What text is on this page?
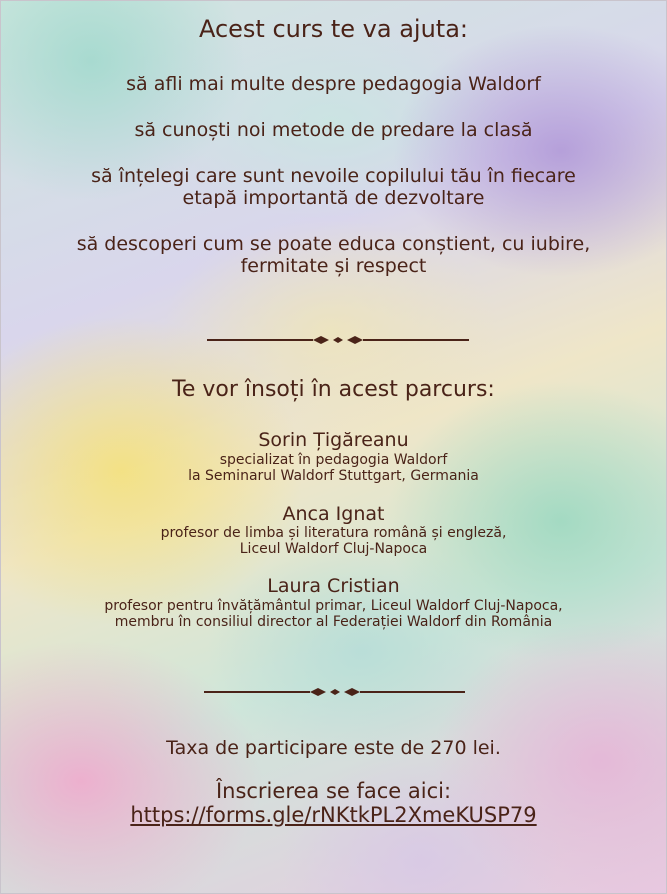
Acest curs te va ajuta:
să afli mai multe despre pedagogia Waldorf
să cunoști noi metode de predare la clasă
să înțelegi care sunt nevoile copilului tău în fiecare etapă importantă de dezvoltare
să descoperi cum se poate educa conștient, cu iubire, fermitate și respect
Te vor însoți în acest parcurs:
Sorin Țigăreanu
specializat în pedagogia Waldorf
la Seminarul Waldorf Stuttgart, Germania
Anca Ignat
profesor de limba și literatura română și engleză,
Liceul Waldorf Cluj-Napoca
Laura Cristian
profesor pentru învățământul primar, Liceul Waldorf Cluj-Napoca,
membru în consiliul director al Federației Waldorf din România
Taxa de participare este de 270 lei.
Înscrierea se face aici:
https://forms.gle/rNKtkPL2XmeKUSP79
